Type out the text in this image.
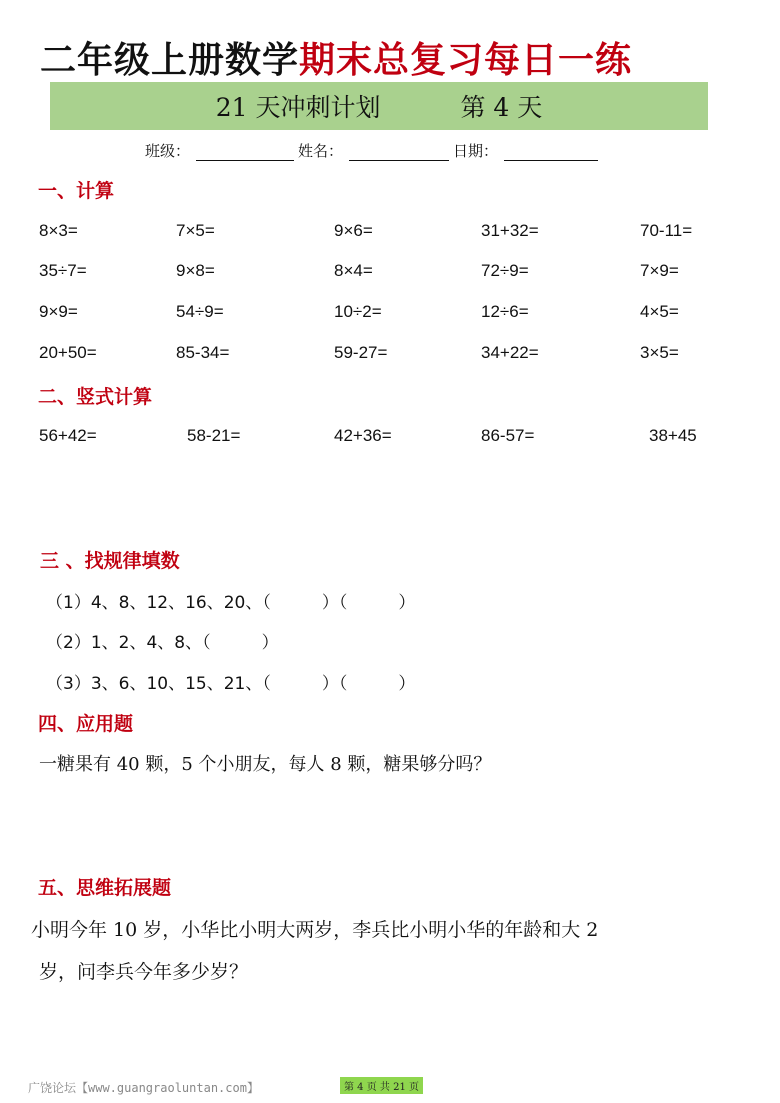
二年级上册数学期末总复习每日一练
21 天冲刺计划	第 4 天
班级：	姓名：	日期：
一、计算
8×3=	7×5=	9×6=	31+32=	70-11=
35÷7=	9×8=	8×4=	72÷9=	7×9=
9×9=	54÷9=	10÷2=	12÷6=	4×5=
20+50=	85-34=	59-27=	34+22=	3×5=
二、竖式计算
56+42=	58-21=	42+36=	86-57=	38+45
三 、找规律填数
（1）4、8、12、16、20、（　　　）（　　　）
（2）1、2、4、8、（　　　）
（3）3、6、10、15、21、（　　　）（　　　）
四、应用题
一糖果有 40 颗，5 个小朋友，每人 8 颗，糖果够分吗？
五、思维拓展题
小明今年 10 岁，小华比小明大两岁，李兵比小明小华的年龄和大 2
岁，问李兵今年多少岁？
广饶论坛【www.guangraoluntan.com】	第 4 页 共 21 页
